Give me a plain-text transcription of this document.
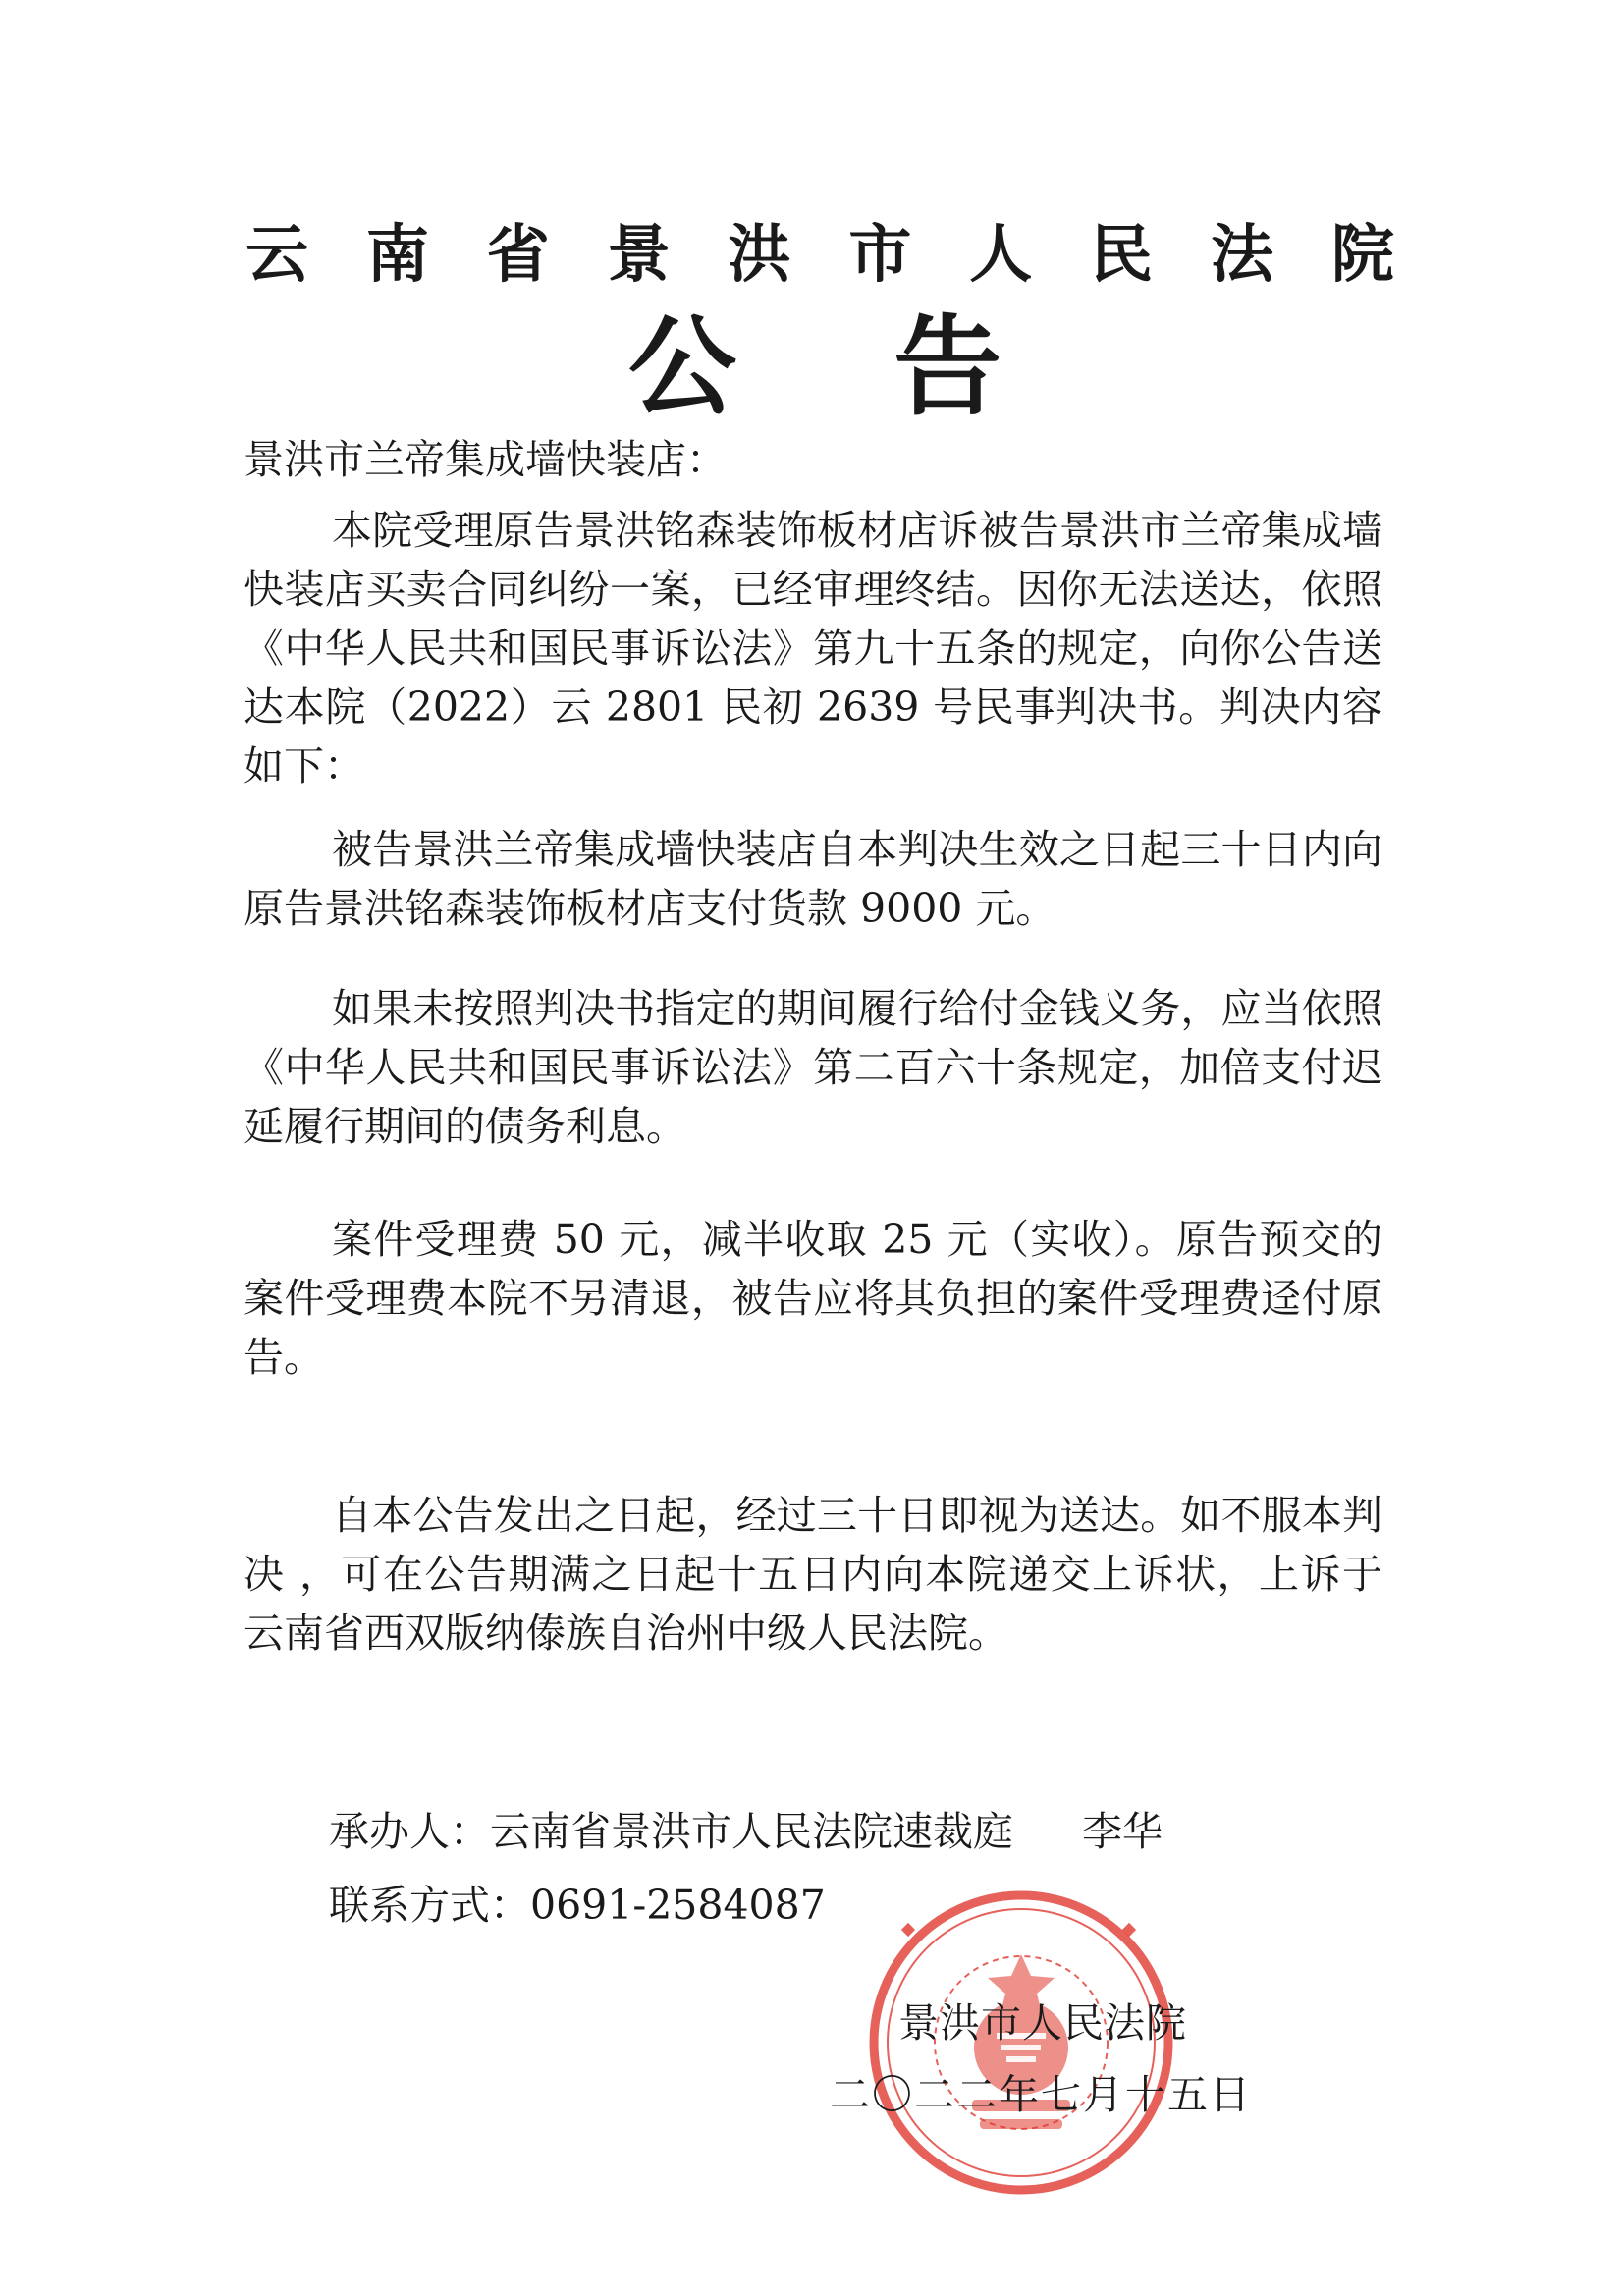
云 南 省 景 洪 市 人 民 法 院
公 告
景洪市兰帝集成墙快装店：
本院受理原告景洪铭森装饰板材店诉被告景洪市兰帝集成墙快装店买卖合同纠纷一案，已经审理终结。因你无法送达，依照《中华人民共和国民事诉讼法》第九十五条的规定，向你公告送达本院（2022）云 2801 民初 2639 号民事判决书。判决内容如下：
被告景洪兰帝集成墙快装店自本判决生效之日起三十日内向原告景洪铭森装饰板材店支付货款 9000 元。
如果未按照判决书指定的期间履行给付金钱义务，应当依照《中华人民共和国民事诉讼法》第二百六十条规定，加倍支付迟延履行期间的债务利息。
案件受理费 50 元，减半收取 25 元（实收）。原告预交的案件受理费本院不另清退，被告应将其负担的案件受理费迳付原告。
自本公告发出之日起，经过三十日即视为送达。如不服本判决 ，可在公告期满之日起十五日内向本院递交上诉状，上诉于云南省西双版纳傣族自治州中级人民法院。
承办人：云南省景洪市人民法院速裁庭 李华
联系方式：0691-2584087
景洪市人民法院
二〇二二年七月十五日
